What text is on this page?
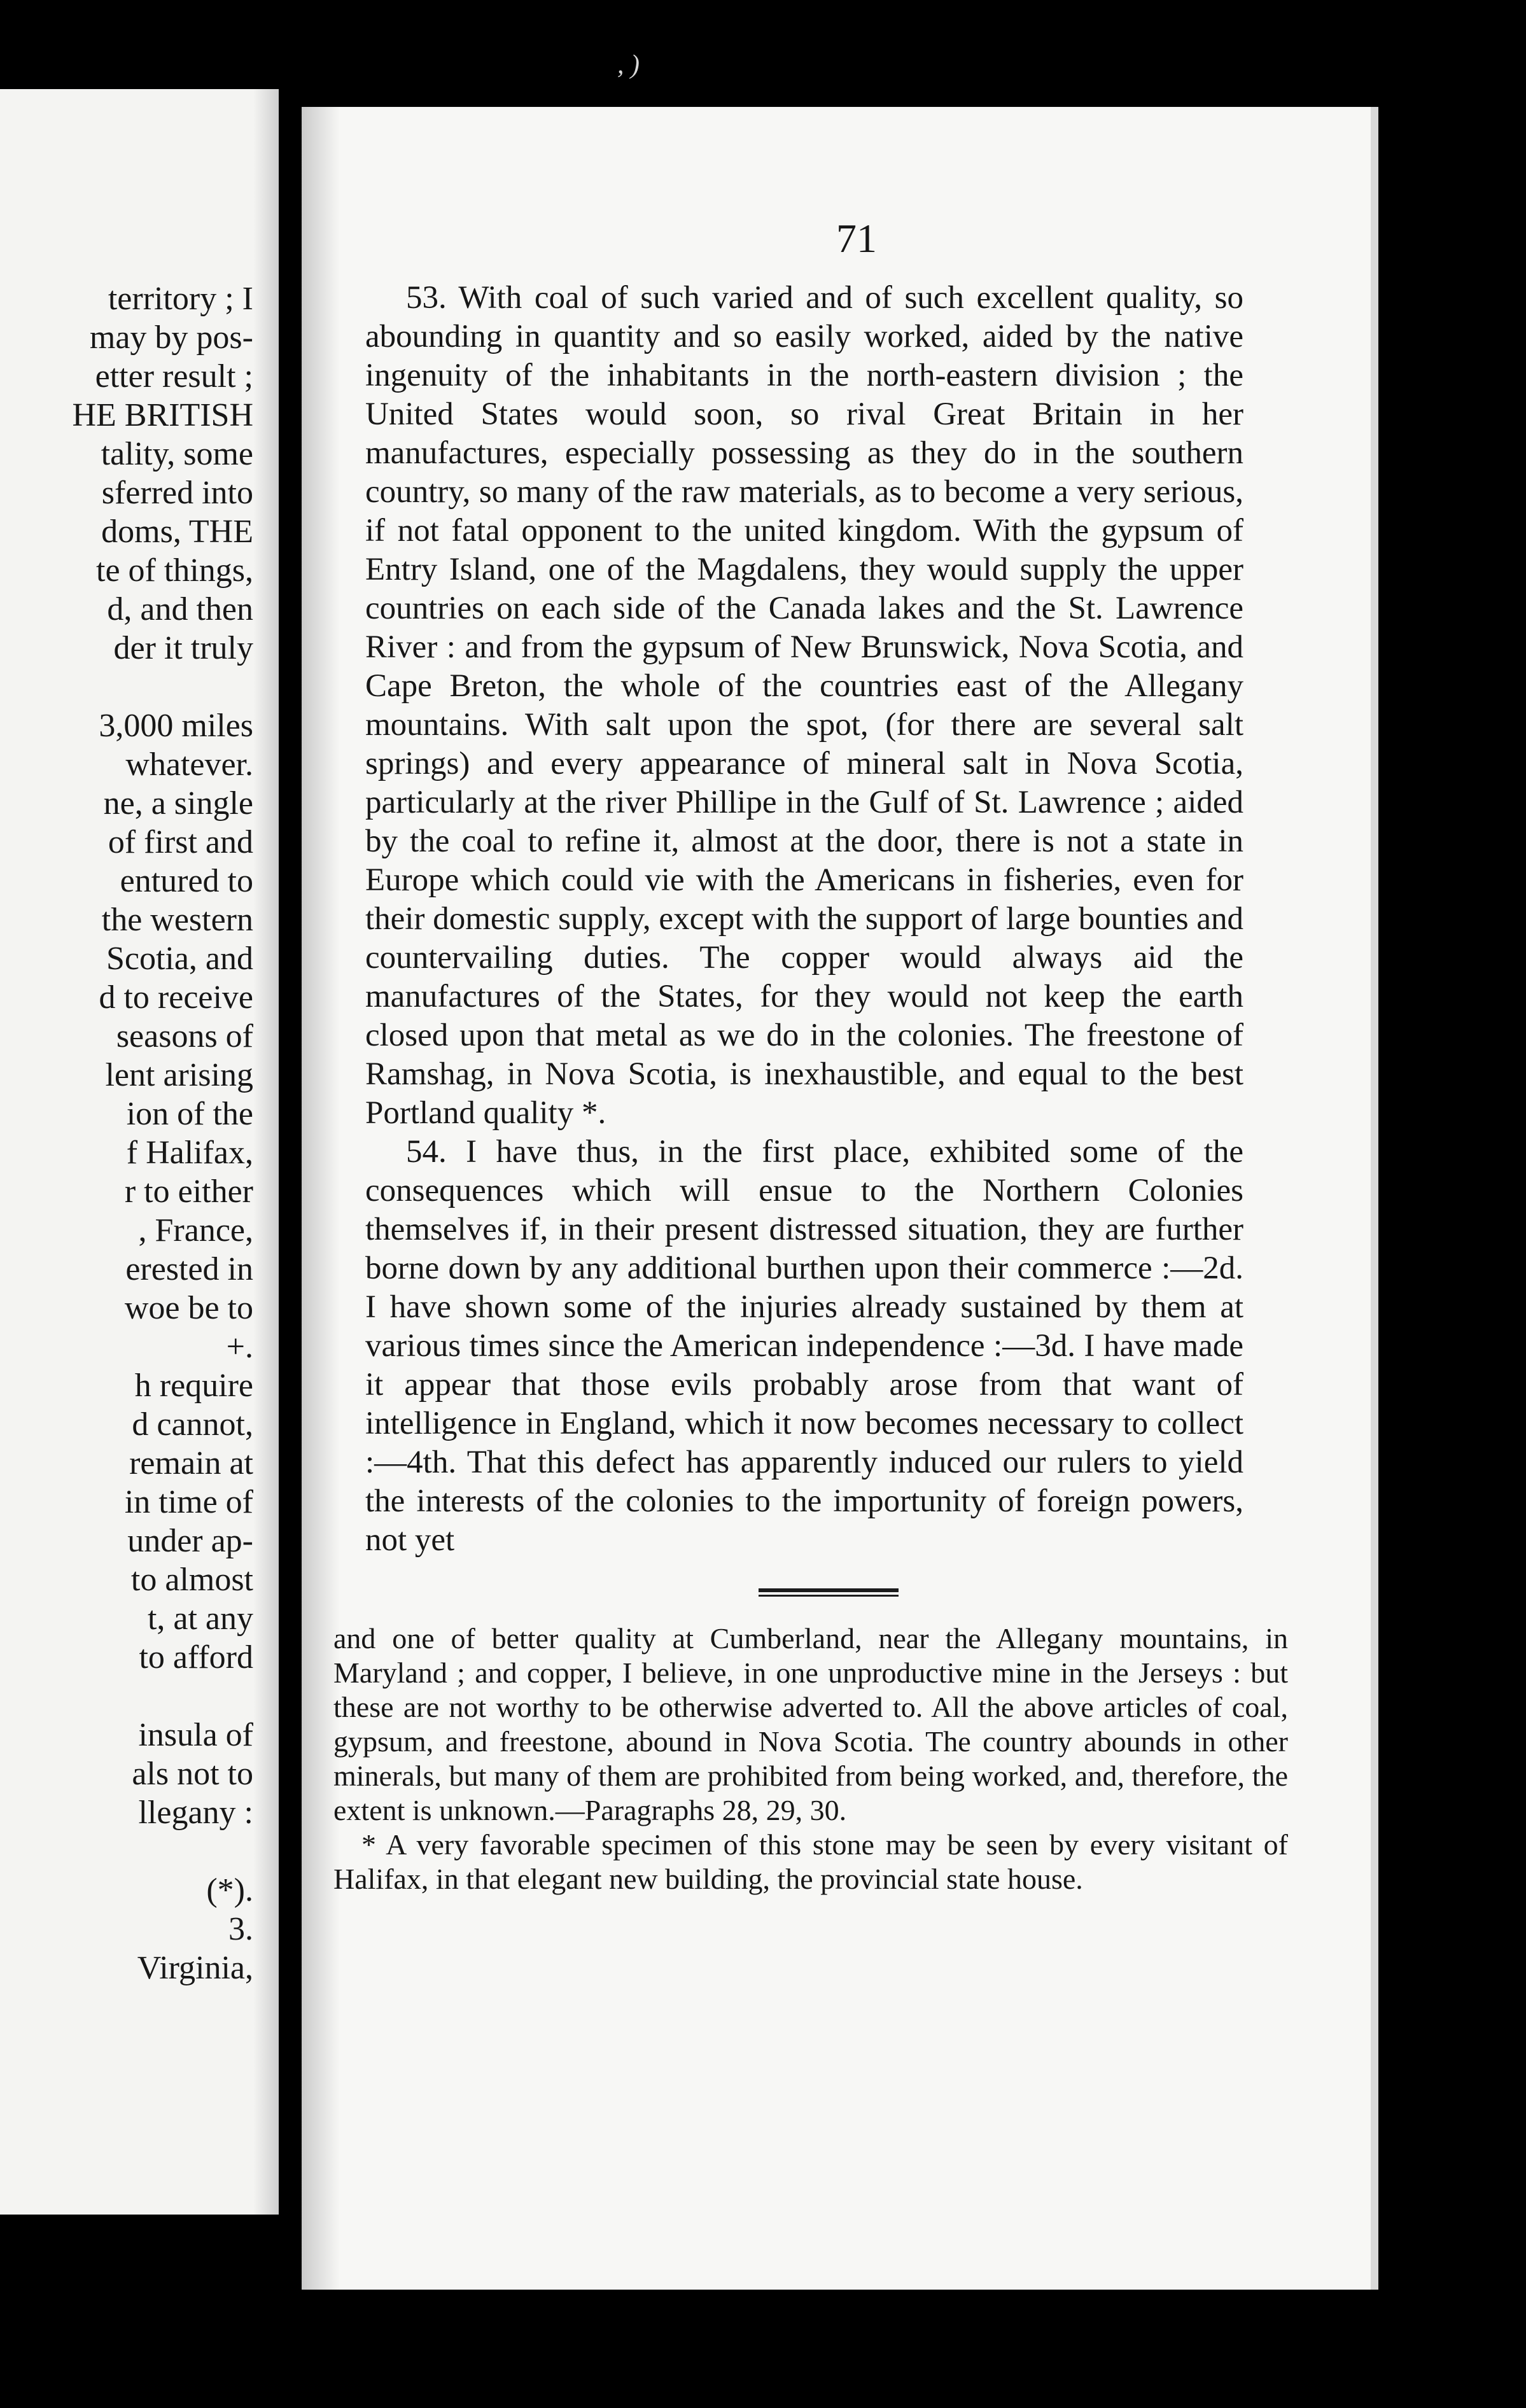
, )
territory ; I
may by pos-
etter result ;
HE BRITISH
tality, some
sferred into
doms, THE
te of things,
d, and then
der it truly
3,000 miles
whatever.
ne, a single
of first and
entured to
the western
Scotia, and
d to receive
seasons of
lent arising
ion of the
f Halifax,
r to either
, France,
erested in
woe be to
+.
h require
d cannot,
remain at
in time of
under ap-
to almost
t, at any
to afford
insula of
als not to
llegany :
(*).
3.
Virginia,
71

53. With coal of such varied and of such excellent quality, so abounding in quantity and so easily worked, aided by the native ingenuity of the inhabitants in the north-eastern division ; the United States would soon, so rival Great Britain in her manufactures, especially possessing as they do in the southern country, so many of the raw materials, as to become a very serious, if not fatal opponent to the united kingdom. With the gypsum of Entry Island, one of the Magdalens, they would supply the upper countries on each side of the Canada lakes and the St. Lawrence River : and from the gypsum of New Brunswick, Nova Scotia, and Cape Breton, the whole of the countries east of the Allegany mountains. With salt upon the spot, (for there are several salt springs) and every appearance of mineral salt in Nova Scotia, particularly at the river Phillipe in the Gulf of St. Lawrence ; aided by the coal to refine it, almost at the door, there is not a state in Europe which could vie with the Americans in fisheries, even for their domestic supply, except with the support of large bounties and countervailing duties. The copper would always aid the manufactures of the States, for they would not keep the earth closed upon that metal as we do in the colonies. The freestone of Ramshag, in Nova Scotia, is inexhaustible, and equal to the best Portland quality *.

54. I have thus, in the first place, exhibited some of the consequences which will ensue to the Northern Colonies themselves if, in their present distressed situation, they are further borne down by any additional burthen upon their commerce :—2d. I have shown some of the injuries already sustained by them at various times since the American independence :—3d. I have made it appear that those evils probably arose from that want of intelligence in England, which it now becomes necessary to collect :—4th. That this defect has apparently induced our rulers to yield the interests of the colonies to the importunity of foreign powers, not yet

and one of better quality at Cumberland, near the Allegany mountains, in Maryland ; and copper, I believe, in one unproductive mine in the Jerseys : but these are not worthy to be otherwise adverted to. All the above articles of coal, gypsum, and freestone, abound in Nova Scotia. The country abounds in other minerals, but many of them are prohibited from being worked, and, therefore, the extent is unknown.—Paragraphs 28, 29, 30.

* A very favorable specimen of this stone may be seen by every visitant of Halifax, in that elegant new building, the provincial state house.
